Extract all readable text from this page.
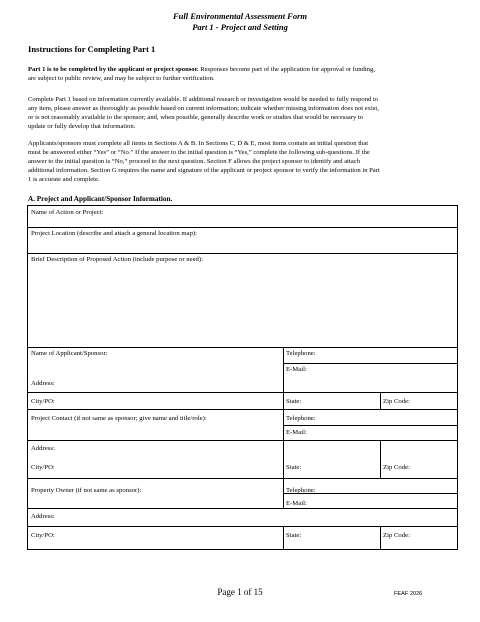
Full Environmental Assessment Form
Part 1 - Project and Setting
Instructions for Completing Part 1
Part 1 is to be completed by the applicant or project sponsor. Responses become part of the application for approval or funding,
are subject to public review, and may be subject to further verification.
Complete Part 1 based on information currently available. If additional research or investigation would be needed to fully respond to
any item, please answer as thoroughly as possible based on current information; indicate whether missing information does not exist,
or is not reasonably available to the sponsor; and, when possible, generally describe work or studies that would be necessary to
update or fully develop that information.
Applicants/sponsors must complete all items in Sections A & B. In Sections C, D & E, most items contain an initial question that
must be answered either “Yes” or “No.” If the answer to the initial question is “Yes,” complete the following sub-questions. If the
answer to the initial question is “No,” proceed to the next question. Section F allows the project sponsor to identify and attach
additional information. Section G requires the name and signature of the applicant or project sponsor to verify the information in Part
1 is accurate and complete.
A. Project and Applicant/Sponsor Information.
Name of Action or Project:
Project Location (describe and attach a general location map):
Brief Description of Proposed Action (include purpose or need):
Name of Applicant/Sponsor:	Telephone:
E-Mail:
Address:
City/PO:	State:	Zip Code:
Project Contact (if not same as sponsor; give name and title/role):	Telephone:
E-Mail:
Address:
City/PO:	State:	Zip Code:
Property Owner (if not same as sponsor):	Telephone:
E-Mail:
Address:
City/PO:	State:	Zip Code:
Page 1 of 15	FEAF 2026
